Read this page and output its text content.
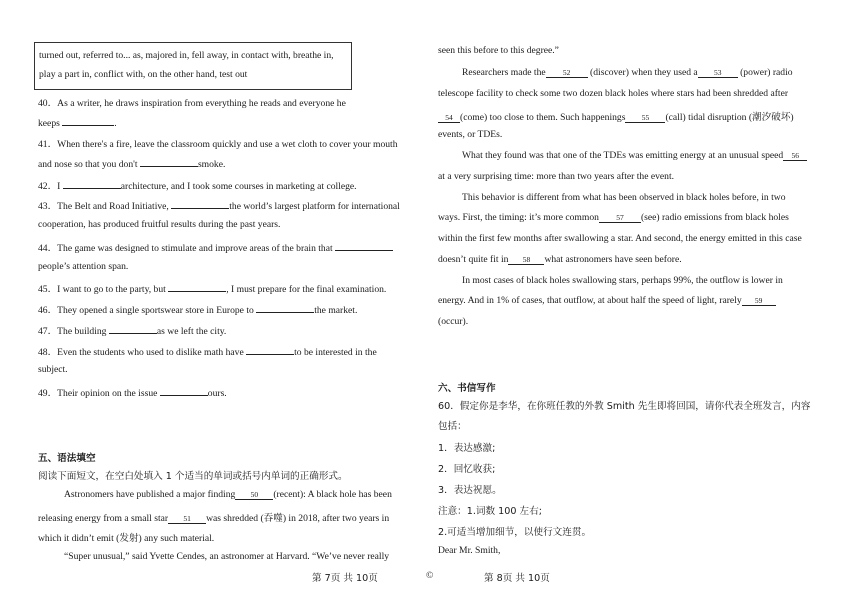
turned out, referred to... as, majored in, fell away, in contact with, breathe in,
play a part in, conflict with, on the other hand, test out
40．As a writer, he draws inspiration from everything he reads and everyone he
keeps	.
41．When there's a fire, leave the classroom quickly and use a wet cloth to cover your mouth
and nose so that you don't	smoke.
42．I	architecture, and I took some courses in marketing at college.
43．The Belt and Road Initiative,	the world’s largest platform for international
cooperation, has produced fruitful results during the past years.
44．The game was designed to stimulate and improve areas of the brain that
people’s attention span.
45．I want to go to the party, but	, I must prepare for the final examination.
46．They opened a single sportswear store in Europe to	the market.
47．The building	as we left the city.
48．Even the students who used to dislike math have	to be interested in the
subject.
49．Their opinion on the issue	ours.
五、语法填空
阅读下面短文，在空白处填入 1 个适当的单词或括号内单词的正确形式。
Astronomers have published a major finding 50 (recent): A black hole has been
releasing energy from a small star 51 was shredded (吞噬) in 2018, after two years in
which it didn’t emit (发射) any such material.
“Super unusual,” said Yvette Cendes, an astronomer at Harvard. “We’ve never really
seen this before to this degree.”
Researchers made the 52 (discover) when they used a 53 (power) radio
telescope facility to check some two dozen black holes where stars had been shredded after
54 (come) too close to them. Such happenings 55 (call) tidal disruption (潮汐破坏)
events, or TDEs.
What they found was that one of the TDEs was emitting energy at an unusual speed 56
at a very surprising time: more than two years after the event.
This behavior is different from what has been observed in black holes before, in two
ways. First, the timing: it’s more common 57 (see) radio emissions from black holes
within the first few months after swallowing a star. And second, the energy emitted in this case
doesn’t quite fit in 58 what astronomers have seen before.
In most cases of black holes swallowing stars, perhaps 99%, the outflow is lower in
energy. And in 1% of cases, that outflow, at about half the speed of light, rarely 59
(occur).
六、书信写作
60．假定你是李华，在你班任教的外教 Smith 先生即将回国，请你代表全班发言，内容
包括：
1．表达感激;
2．回忆收获;
3．表达祝愿。
注意：1.词数 100 左右;
2.可适当增加细节，以使行文连贯。
Dear Mr. Smith,
第 7页 共 10页	©	第 8页 共 10页
